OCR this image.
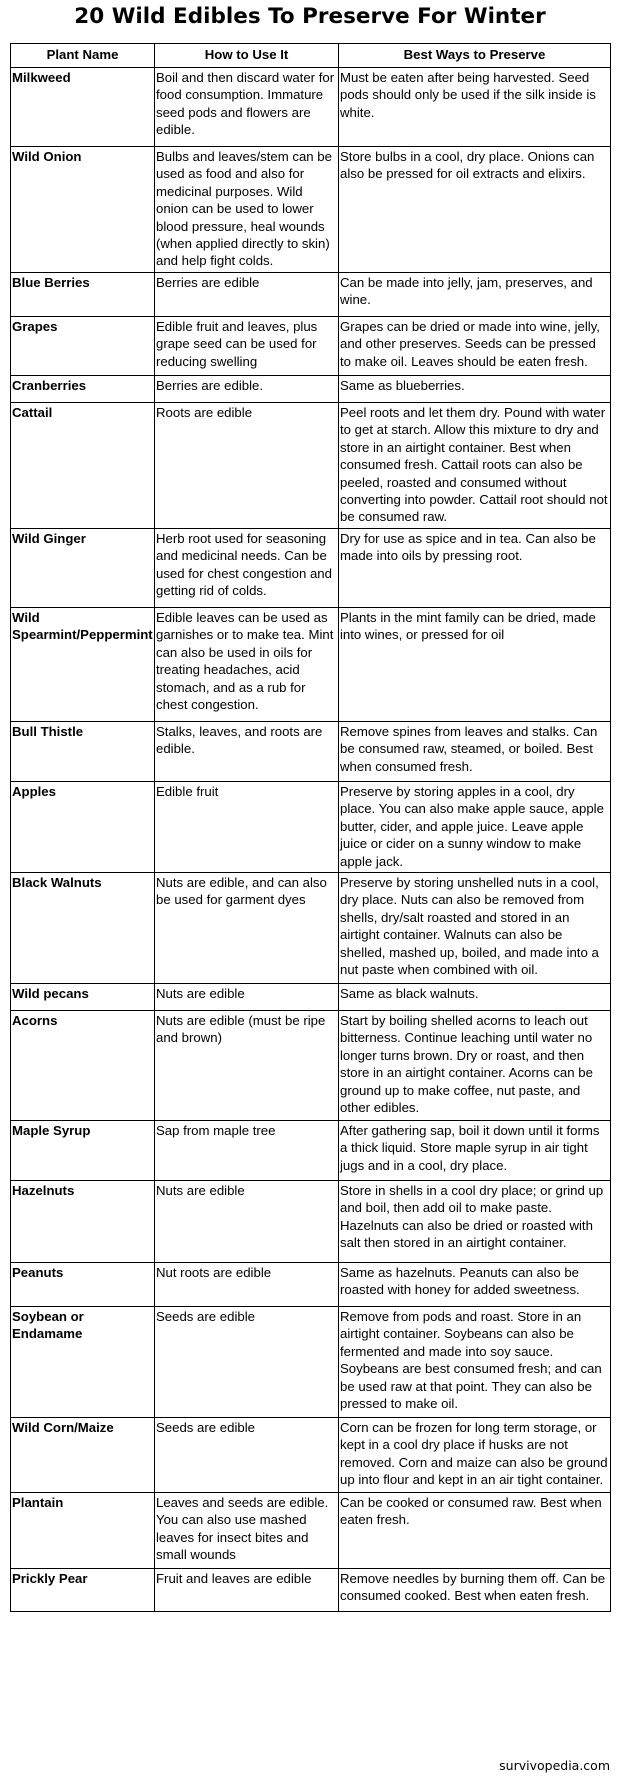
20 Wild Edibles To Preserve For Winter
Plant Name	How to Use It	Best Ways to Preserve
Milkweed	Boil and then discard water for food consumption. Immature seed pods and flowers are edible.	Must be eaten after being harvested. Seed pods should only be used if the silk inside is white.
Wild Onion	Bulbs and leaves/stem can be used as food and also for medicinal purposes. Wild onion can be used to lower blood pressure, heal wounds (when applied directly to skin) and help fight colds.	Store bulbs in a cool, dry place. Onions can also be pressed for oil extracts and elixirs.
Blue Berries	Berries are edible	Can be made into jelly, jam, preserves, and wine.
Grapes	Edible fruit and leaves, plus grape seed can be used for reducing swelling	Grapes can be dried or made into wine, jelly, and other preserves. Seeds can be pressed to make oil. Leaves should be eaten fresh.
Cranberries	Berries are edible.	Same as blueberries.
Cattail	Roots are edible	Peel roots and let them dry. Pound with water to get at starch. Allow this mixture to dry and store in an airtight container. Best when consumed fresh. Cattail roots can also be peeled, roasted and consumed without converting into powder. Cattail root should not be consumed raw.
Wild Ginger	Herb root used for seasoning and medicinal needs. Can be used for chest congestion and getting rid of colds.	Dry for use as spice and in tea. Can also be made into oils by pressing root.
Wild Spearmint/Peppermint	Edible leaves can be used as garnishes or to make tea. Mint can also be used in oils for treating headaches, acid stomach, and as a rub for chest congestion.	Plants in the mint family can be dried, made into wines, or pressed for oil
Bull Thistle	Stalks, leaves, and roots are edible.	Remove spines from leaves and stalks. Can be consumed raw, steamed, or boiled. Best when consumed fresh.
Apples	Edible fruit	Preserve by storing apples in a cool, dry place. You can also make apple sauce, apple butter, cider, and apple juice. Leave apple juice or cider on a sunny window to make apple jack.
Black Walnuts	Nuts are edible, and can also be used for garment dyes	Preserve by storing unshelled nuts in a cool, dry place. Nuts can also be removed from shells, dry/salt roasted and stored in an airtight container. Walnuts can also be shelled, mashed up, boiled, and made into a nut paste when combined with oil.
Wild pecans	Nuts are edible	Same as black walnuts.
Acorns	Nuts are edible (must be ripe and brown)	Start by boiling shelled acorns to leach out bitterness. Continue leaching until water no longer turns brown. Dry or roast, and then store in an airtight container. Acorns can be ground up to make coffee, nut paste, and other edibles.
Maple Syrup	Sap from maple tree	After gathering sap, boil it down until it forms a thick liquid. Store maple syrup in air tight jugs and in a cool, dry place.
Hazelnuts	Nuts are edible	Store in shells in a cool dry place; or grind up and boil, then add oil to make paste. Hazelnuts can also be dried or roasted with salt then stored in an airtight container.
Peanuts	Nut roots are edible	Same as hazelnuts. Peanuts can also be roasted with honey for added sweetness.
Soybean or Endamame	Seeds are edible	Remove from pods and roast. Store in an airtight container. Soybeans can also be fermented and made into soy sauce. Soybeans are best consumed fresh; and can be used raw at that point. They can also be pressed to make oil.
Wild Corn/Maize	Seeds are edible	Corn can be frozen for long term storage, or kept in a cool dry place if husks are not removed. Corn and maize can also be ground up into flour and kept in an air tight container.
Plantain	Leaves and seeds are edible. You can also use mashed leaves for insect bites and small wounds	Can be cooked or consumed raw. Best when eaten fresh.
Prickly Pear	Fruit and leaves are edible	Remove needles by burning them off. Can be consumed cooked. Best when eaten fresh.
survivopedia.com
